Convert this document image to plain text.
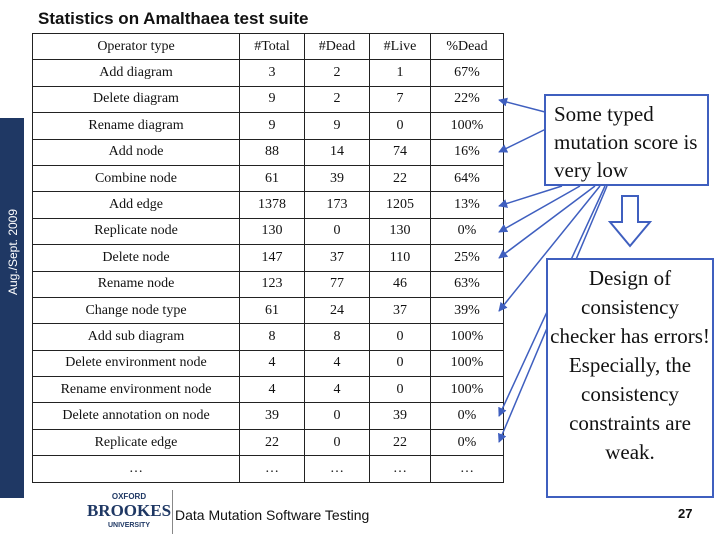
Aug./Sept. 2009
Statistics on Amalthaea test suite
Operator type	#Total	#Dead	#Live	%Dead
Add diagram	3	2	1	67%
Delete diagram	9	2	7	22%
Rename diagram	9	9	0	100%
Add node	88	14	74	16%
Combine node	61	39	22	64%
Add edge	1378	173	1205	13%
Replicate node	130	0	130	0%
Delete node	147	37	110	25%
Rename node	123	77	46	63%
Change node type	61	24	37	39%
Add sub diagram	8	8	0	100%
Delete environment node	4	4	0	100%
Rename environment node	4	4	0	100%
Delete annotation on node	39	0	39	0%
Replicate edge	22	0	22	0%
…	…	…	…	…
Some typed mutation score is very low
Design of consistency checker has errors! Especially, the consistency constraints are weak.
OXFORD
BROOKES
UNIVERSITY
Data Mutation Software Testing	27
